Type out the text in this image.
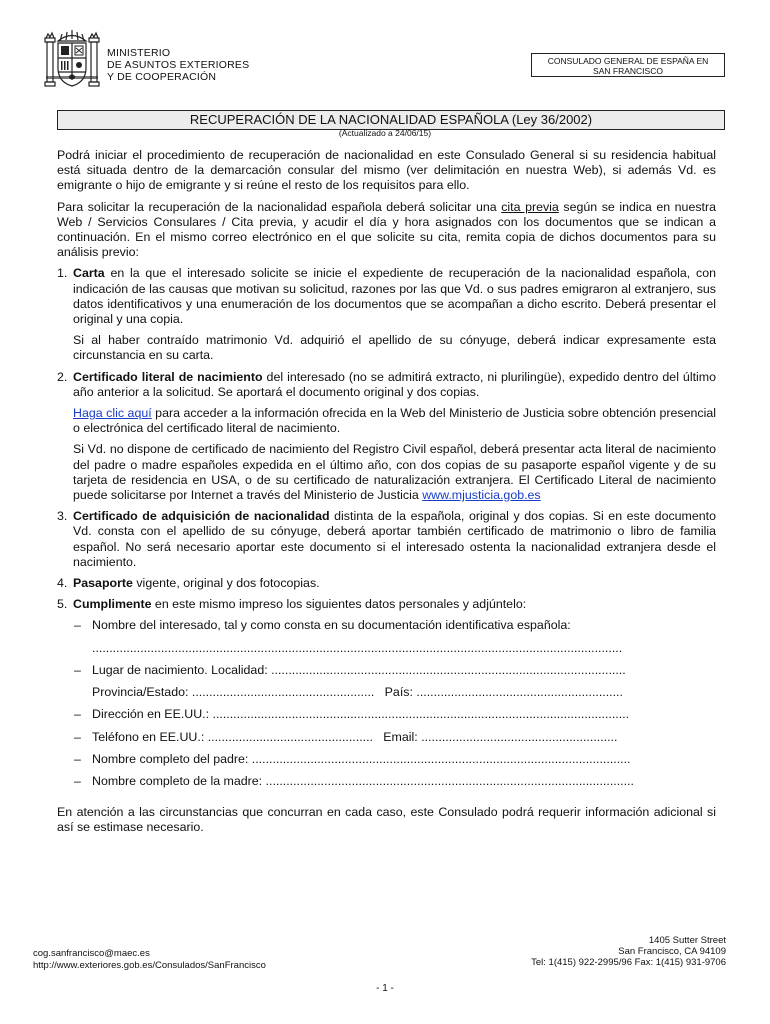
MINISTERIO
DE ASUNTOS EXTERIORES
Y DE COOPERACIÓN
CONSULADO GENERAL DE ESPAÑA EN
SAN FRANCISCO
RECUPERACIÓN DE LA NACIONALIDAD ESPAÑOLA (Ley 36/2002)
(Actualizado a 24/06/15)

Podrá iniciar el procedimiento de recuperación de nacionalidad en este Consulado General si su residencia habitual está situada dentro de la demarcación consular del mismo (ver delimitación en nuestra Web), si además Vd. es emigrante o hijo de emigrante y si reúne el resto de los requisitos para ello.

Para solicitar la recuperación de la nacionalidad española deberá solicitar una cita previa según se indica en nuestra Web / Servicios Consulares / Cita previa, y acudir el día y hora asignados con los documentos que se indican a continuación. En el mismo correo electrónico en el que solicite su cita, remita copia de dichos documentos para su análisis previo:

1. Carta en la que el interesado solicite se inicie el expediente de recuperación de la nacionalidad española, con indicación de las causas que motivan su solicitud, razones por las que Vd. o sus padres emigraron al extranjero, sus datos identificativos y una enumeración de los documentos que se acompañan a dicho escrito. Deberá presentar el original y una copia.

Si al haber contraído matrimonio Vd. adquirió el apellido de su cónyuge, deberá indicar expresamente esta circunstancia en su carta.

2. Certificado literal de nacimiento del interesado (no se admitirá extracto, ni plurilingüe), expedido dentro del último año anterior a la solicitud. Se aportará el documento original y dos copias.

Haga clic aquí para acceder a la información ofrecida en la Web del Ministerio de Justicia sobre obtención presencial o electrónica del certificado literal de nacimiento.

Si Vd. no dispone de certificado de nacimiento del Registro Civil español, deberá presentar acta literal de nacimiento del padre o madre españoles expedida en el último año, con dos copias de su pasaporte español vigente y de su tarjeta de residencia en USA, o de su certificado de naturalización extranjera. El Certificado Literal de nacimiento puede solicitarse por Internet a través del Ministerio de Justicia www.mjusticia.gob.es

3. Certificado de adquisición de nacionalidad distinta de la española, original y dos copias. Si en este documento Vd. consta con el apellido de su cónyuge, deberá aportar también certificado de matrimonio o libro de familia español. No será necesario aportar este documento si el interesado ostenta la nacionalidad extranjera desde el nacimiento.

4. Pasaporte vigente, original y dos fotocopias.

5. Cumplimente en este mismo impreso los siguientes datos personales y adjúntelo:

– Nombre del interesado, tal y como consta en su documentación identificativa española:
..........................................................................................................................................................
– Lugar de nacimiento. Localidad: .......................................................................................................
Provincia/Estado: ..................................................... País: ............................................................
– Dirección en EE.UU.: .........................................................................................................................
– Teléfono en EE.UU.: ................................................ Email: .........................................................
– Nombre completo del padre: ..............................................................................................................
– Nombre completo de la madre: ...........................................................................................................

En atención a las circunstancias que concurran en cada caso, este Consulado podrá requerir información adicional si así se estimase necesario.

cog.sanfrancisco@maec.es
http://www.exteriores.gob.es/Consulados/SanFrancisco
1405 Sutter Street
San Francisco, CA 94109
Tel: 1(415) 922-2995/96 Fax: 1(415) 931-9706
- 1 -
